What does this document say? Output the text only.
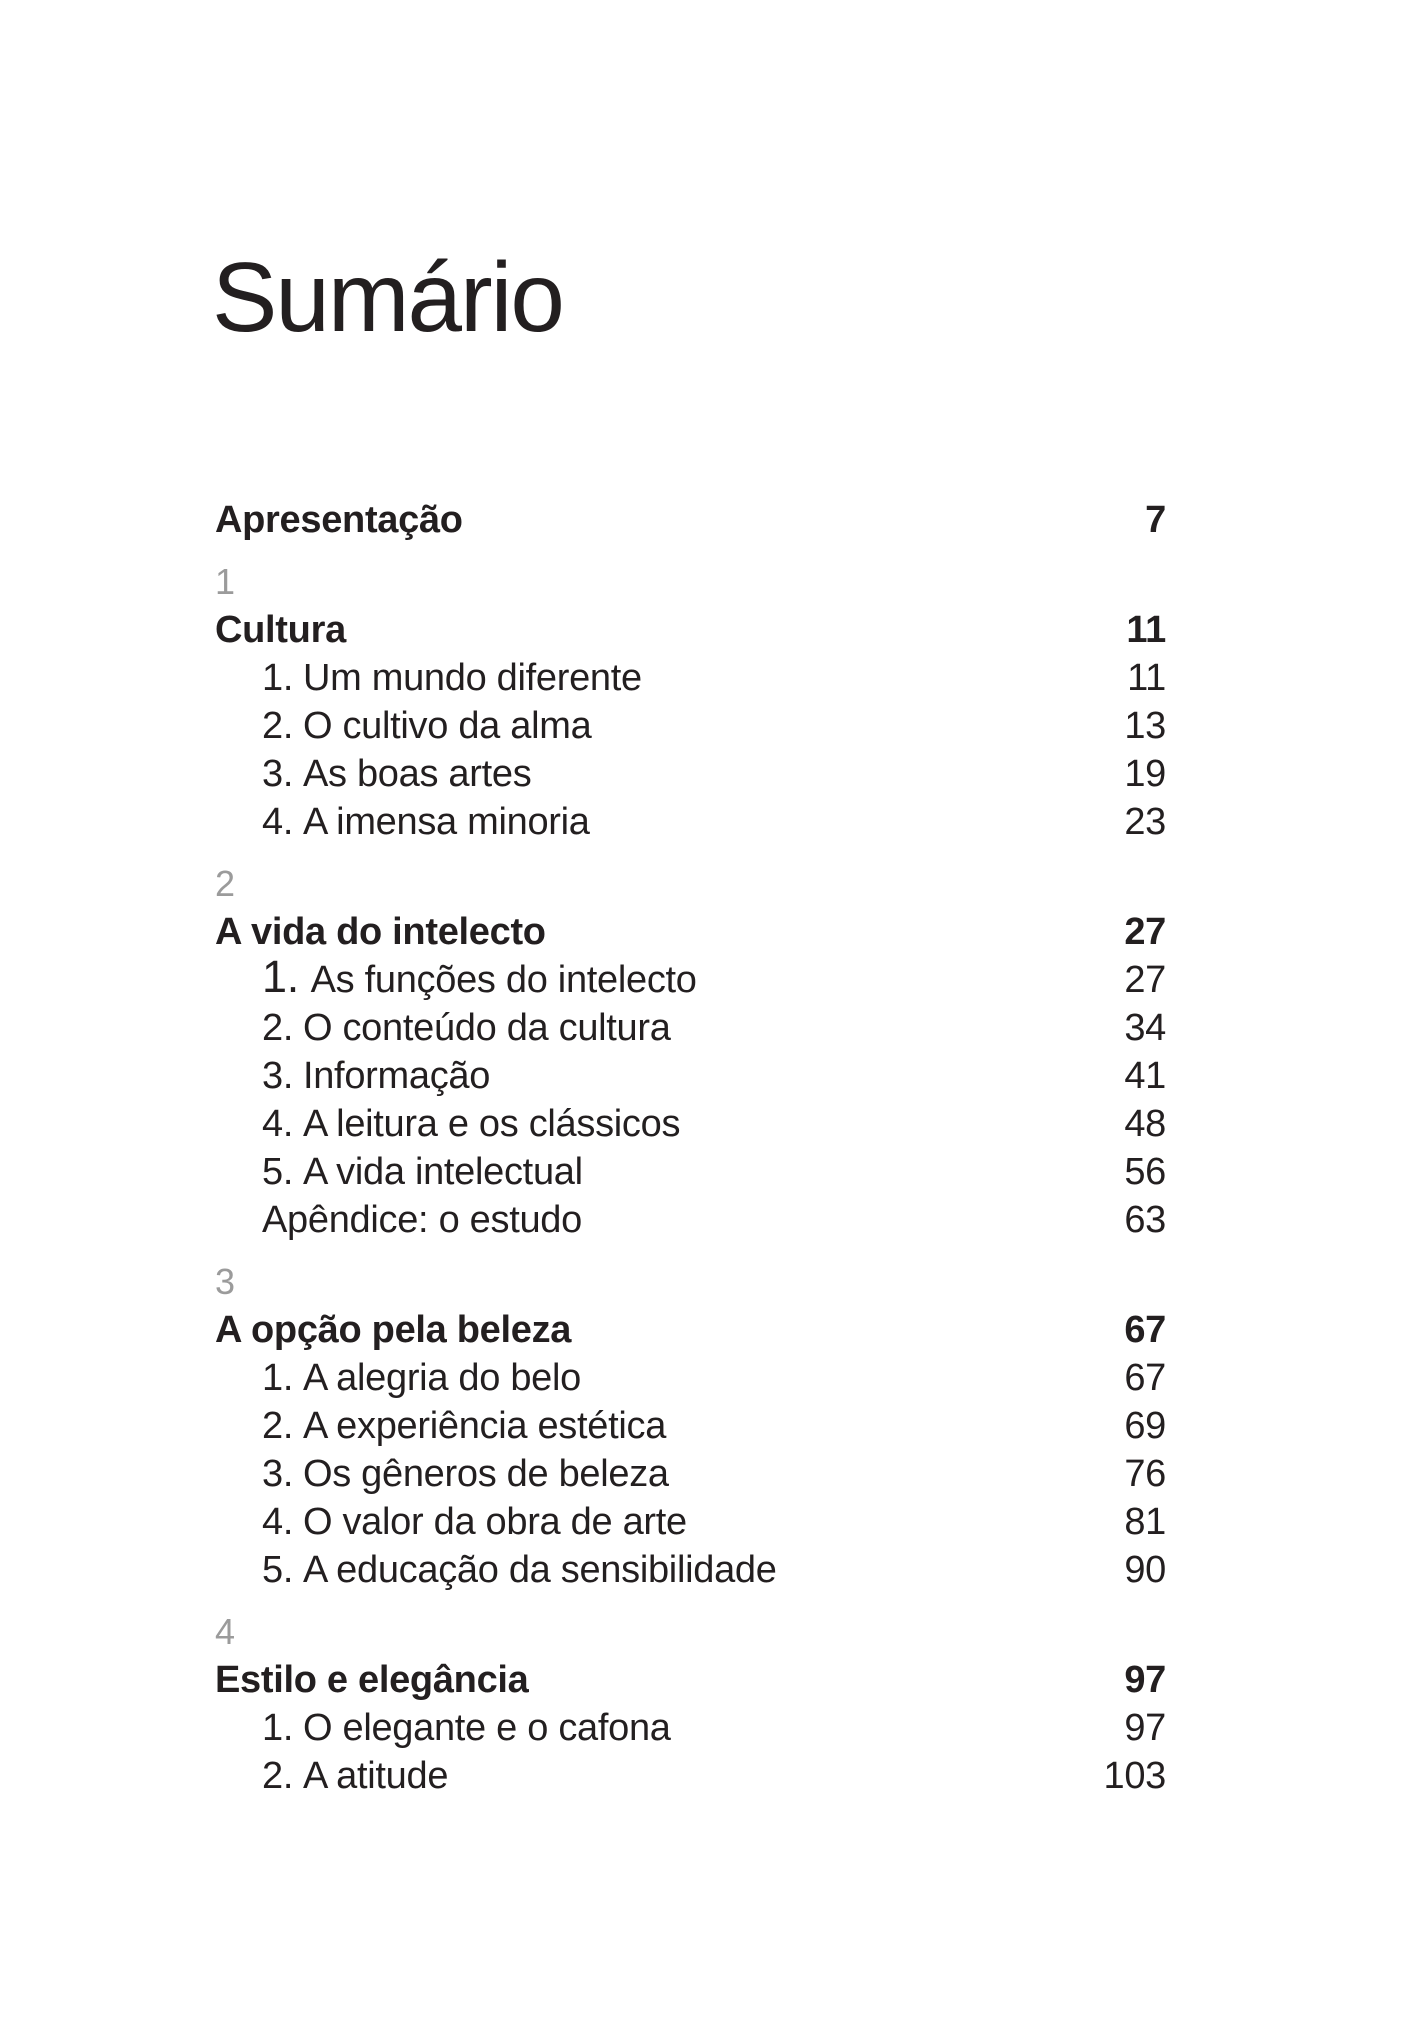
Sumário
Apresentação	7
1
Cultura	11
1. Um mundo diferente	11
2. O cultivo da alma	13
3. As boas artes	19
4. A imensa minoria	23
2
A vida do intelecto	27
1. As funções do intelecto	27
2. O conteúdo da cultura	34
3. Informação	41
4. A leitura e os clássicos	48
5. A vida intelectual	56
Apêndice: o estudo	63
3
A opção pela beleza	67
1. A alegria do belo	67
2. A experiência estética	69
3. Os gêneros de beleza	76
4. O valor da obra de arte	81
5. A educação da sensibilidade	90
4
Estilo e elegância	97
1. O elegante e o cafona	97
2. A atitude	103
